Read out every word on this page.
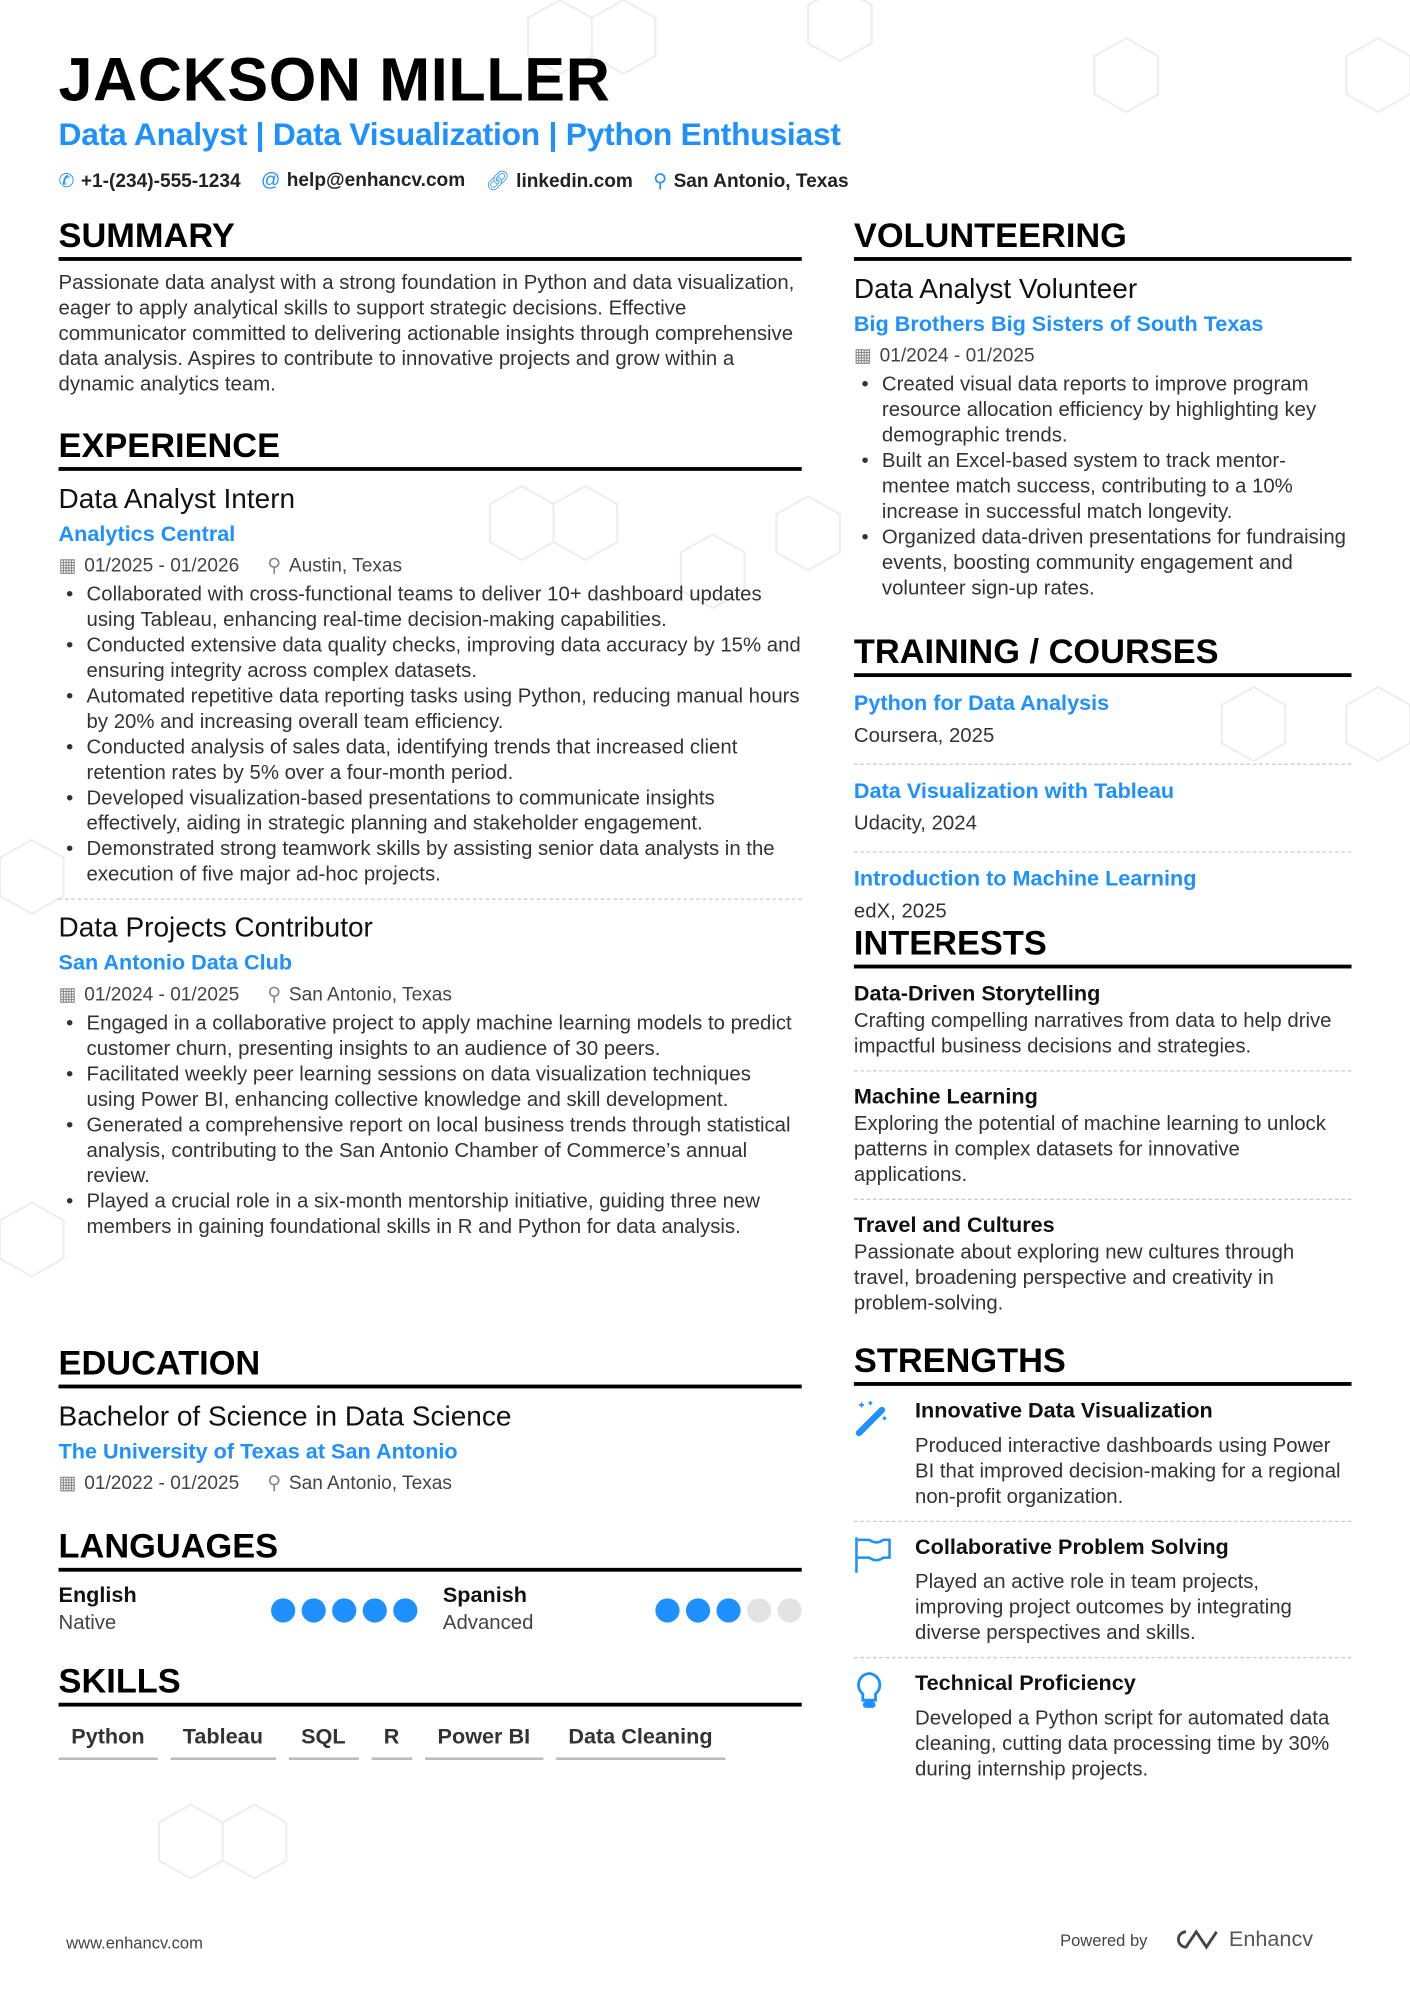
JACKSON MILLER
Data Analyst | Data Visualization | Python Enthusiast
✆ +1-(234)-555-1234 @ help@enhancv.com 🔗︎ linkedin.com ⚲ San Antonio, Texas
SUMMARY
Passionate data analyst with a strong foundation in Python and data visualization, eager to apply analytical skills to support strategic decisions. Effective communicator committed to delivering actionable insights through comprehensive data analysis. Aspires to contribute to innovative projects and grow within a dynamic analytics team.
EXPERIENCE
Data Analyst Intern
Analytics Central
▦ 01/2025 - 01/2026 ⚲ Austin, Texas
• Collaborated with cross-functional teams to deliver 10+ dashboard updates using Tableau, enhancing real-time decision-making capabilities.
• Conducted extensive data quality checks, improving data accuracy by 15% and ensuring integrity across complex datasets.
• Automated repetitive data reporting tasks using Python, reducing manual hours by 20% and increasing overall team efficiency.
• Conducted analysis of sales data, identifying trends that increased client retention rates by 5% over a four-month period.
• Developed visualization-based presentations to communicate insights effectively, aiding in strategic planning and stakeholder engagement.
• Demonstrated strong teamwork skills by assisting senior data analysts in the execution of five major ad-hoc projects.
Data Projects Contributor
San Antonio Data Club
▦ 01/2024 - 01/2025 ⚲ San Antonio, Texas
• Engaged in a collaborative project to apply machine learning models to predict customer churn, presenting insights to an audience of 30 peers.
• Facilitated weekly peer learning sessions on data visualization techniques using Power BI, enhancing collective knowledge and skill development.
• Generated a comprehensive report on local business trends through statistical analysis, contributing to the San Antonio Chamber of Commerce’s annual review.
• Played a crucial role in a six-month mentorship initiative, guiding three new members in gaining foundational skills in R and Python for data analysis.
EDUCATION
Bachelor of Science in Data Science
The University of Texas at San Antonio
▦ 01/2022 - 01/2025 ⚲ San Antonio, Texas
LANGUAGES
English
Native
Spanish
Advanced
SKILLS
Python	Tableau	SQL	R	Power BI	Data Cleaning
VOLUNTEERING
Data Analyst Volunteer
Big Brothers Big Sisters of South Texas
▦ 01/2024 - 01/2025
• Created visual data reports to improve program resource allocation efficiency by highlighting key demographic trends.
• Built an Excel-based system to track mentor-mentee match success, contributing to a 10% increase in successful match longevity.
• Organized data-driven presentations for fundraising events, boosting community engagement and volunteer sign-up rates.
TRAINING / COURSES
Python for Data Analysis
Coursera, 2025
Data Visualization with Tableau
Udacity, 2024
Introduction to Machine Learning
edX, 2025
INTERESTS
Data-Driven Storytelling
Crafting compelling narratives from data to help drive impactful business decisions and strategies.
Machine Learning
Exploring the potential of machine learning to unlock patterns in complex datasets for innovative applications.
Travel and Cultures
Passionate about exploring new cultures through travel, broadening perspective and creativity in problem-solving.
STRENGTHS
Innovative Data Visualization
Produced interactive dashboards using Power BI that improved decision-making for a regional non-profit organization.
Collaborative Problem Solving
Played an active role in team projects, improving project outcomes by integrating diverse perspectives and skills.
Technical Proficiency
Developed a Python script for automated data cleaning, cutting data processing time by 30% during internship projects.
www.enhancv.com	Powered by	Enhancv
